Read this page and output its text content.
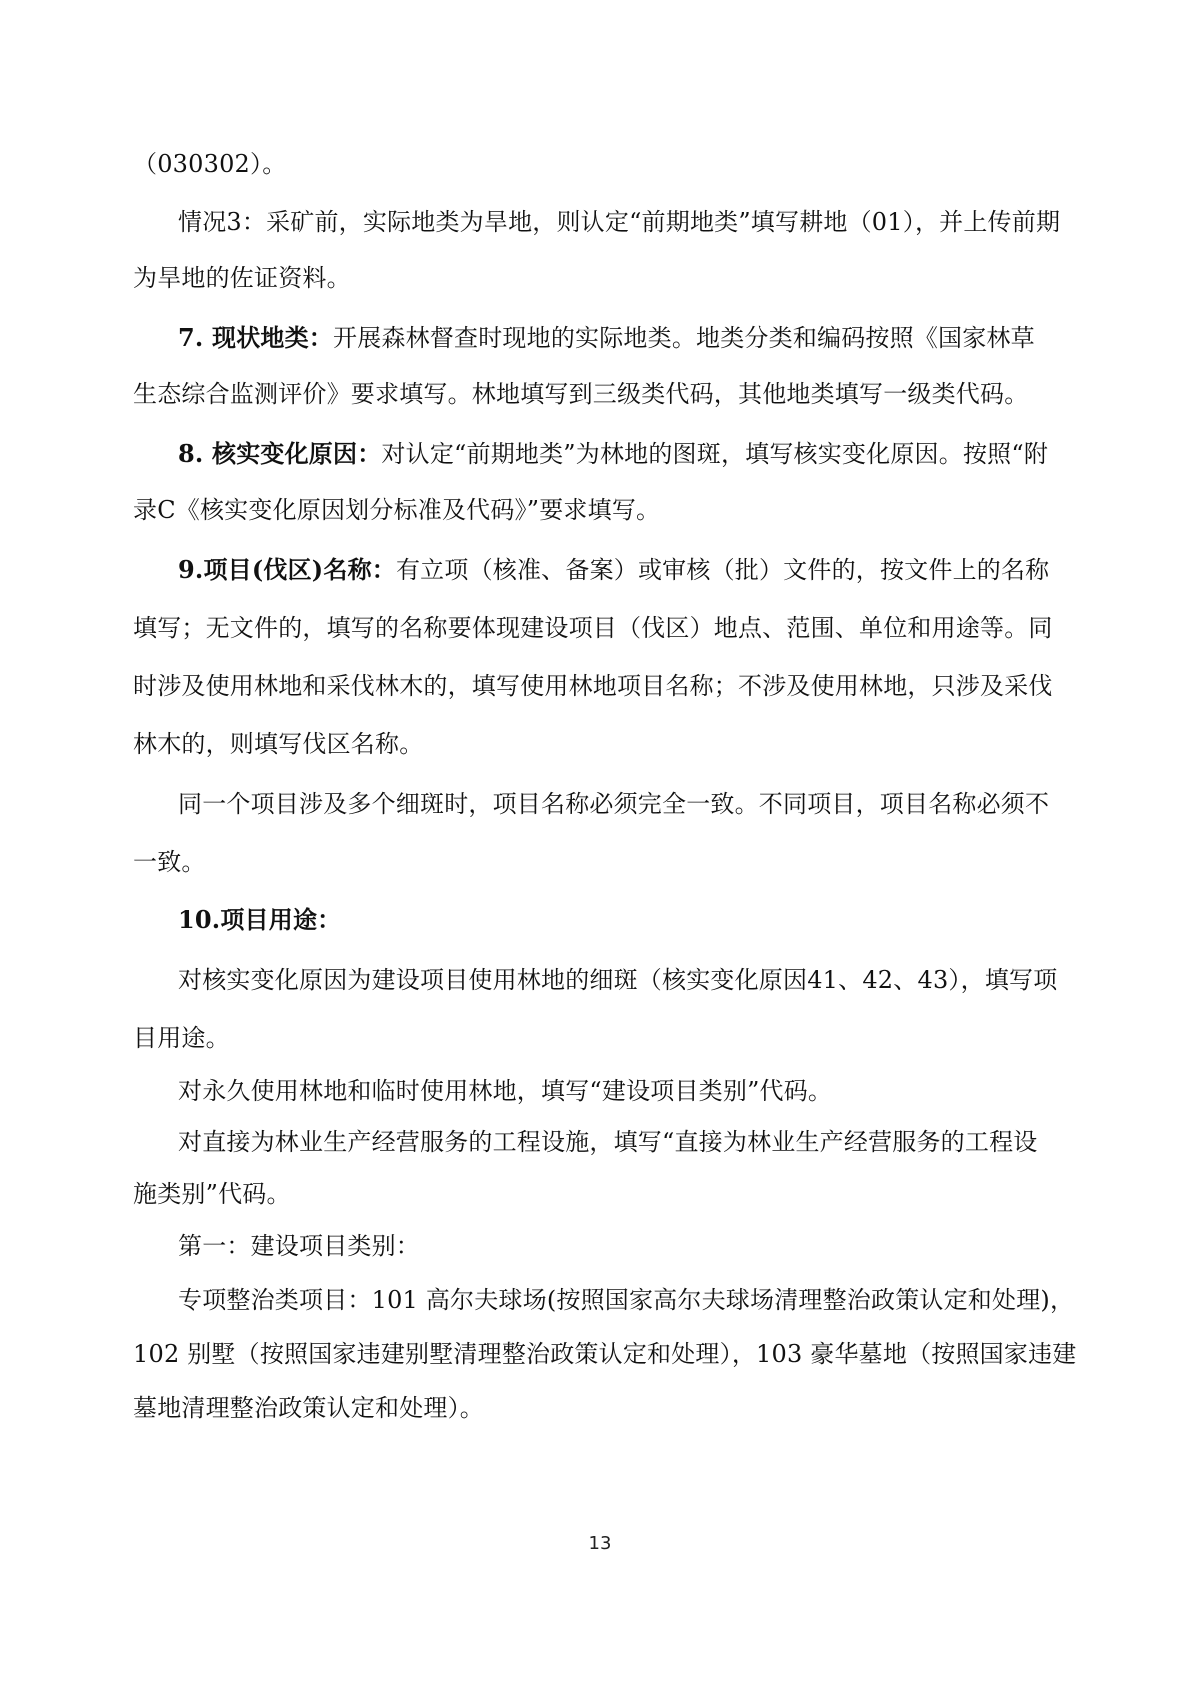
（030302）。
情况3：采矿前，实际地类为旱地，则认定“前期地类”填写耕地（01），并上传前期
为旱地的佐证资料。
7. 现状地类：开展森林督查时现地的实际地类。地类分类和编码按照《国家林草
生态综合监测评价》要求填写。林地填写到三级类代码，其他地类填写一级类代码。
8. 核实变化原因：对认定“前期地类”为林地的图斑，填写核实变化原因。按照“附
录C《核实变化原因划分标准及代码》”要求填写。
9.项目(伐区)名称：有立项（核准、备案）或审核（批）文件的，按文件上的名称
填写；无文件的，填写的名称要体现建设项目（伐区）地点、范围、单位和用途等。同
时涉及使用林地和采伐林木的，填写使用林地项目名称；不涉及使用林地，只涉及采伐
林木的，则填写伐区名称。
同一个项目涉及多个细斑时，项目名称必须完全一致。不同项目，项目名称必须不
一致。
10.项目用途：
对核实变化原因为建设项目使用林地的细斑（核实变化原因41、42、43），填写项
目用途。
对永久使用林地和临时使用林地，填写“建设项目类别”代码。
对直接为林业生产经营服务的工程设施，填写“直接为林业生产经营服务的工程设
施类别”代码。
第一：建设项目类别：
专项整治类项目：101 高尔夫球场(按照国家高尔夫球场清理整治政策认定和处理)，
102 别墅（按照国家违建别墅清理整治政策认定和处理），103 豪华墓地（按照国家违建
墓地清理整治政策认定和处理）。
13
